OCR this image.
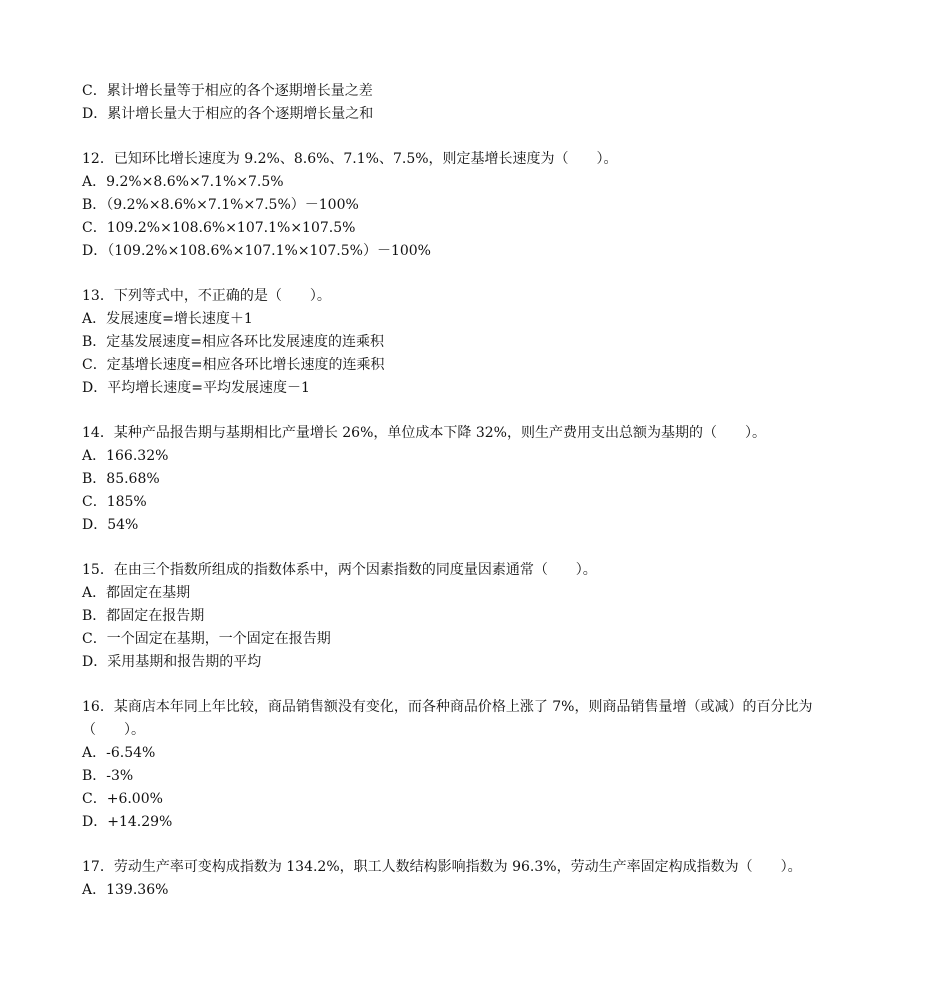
C．累计增长量等于相应的各个逐期增长量之差
D．累计增长量大于相应的各个逐期增长量之和
12．已知环比增长速度为 9.2%、8.6%、7.1%、7.5%，则定基增长速度为（　　）。
A．9.2%×8.6%×7.1%×7.5%
B．（9.2%×8.6%×7.1%×7.5%）－100%
C．109.2%×108.6%×107.1%×107.5%
D．（109.2%×108.6%×107.1%×107.5%）－100%
13．下列等式中，不正确的是（　　）。
A．发展速度=增长速度＋1
B．定基发展速度=相应各环比发展速度的连乘积
C．定基增长速度=相应各环比增长速度的连乘积
D．平均增长速度=平均发展速度－1
14．某种产品报告期与基期相比产量增长 26%，单位成本下降 32%，则生产费用支出总额为基期的（　　）。
A．166.32%
B．85.68%
C．185%
D．54%
15．在由三个指数所组成的指数体系中，两个因素指数的同度量因素通常（　　）。
A．都固定在基期
B．都固定在报告期
C．一个固定在基期，一个固定在报告期
D．采用基期和报告期的平均
16．某商店本年同上年比较，商品销售额没有变化，而各种商品价格上涨了 7%，则商品销售量增（或减）的百分比为
（　　）。
A．-6.54%
B．-3%
C．+6.00%
D．+14.29%
17．劳动生产率可变构成指数为 134.2%，职工人数结构影响指数为 96.3%，劳动生产率固定构成指数为（　　）。
A．139.36%
